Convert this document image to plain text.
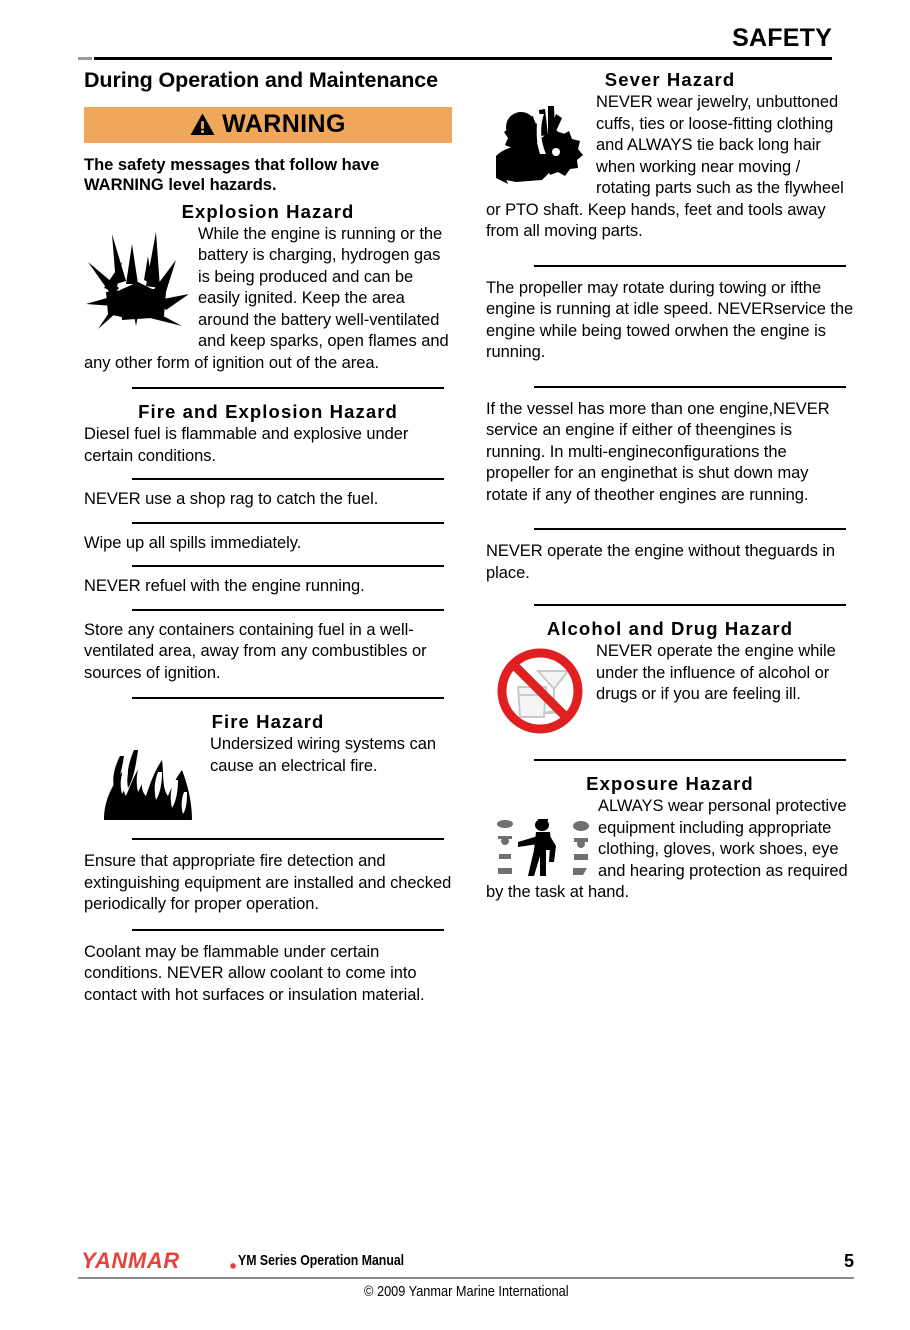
SAFETY
During Operation and Maintenance
WARNING
The safety messages that follow have WARNING level hazards.
Explosion Hazard

While the engine is running or the battery is charging, hydrogen gas is being produced and can be easily ignited. Keep the area around the battery well-ventilated and keep sparks, open flames and any other form of ignition out of the area.

Fire and Explosion Hazard

Diesel fuel is flammable and explosive under certain conditions.

NEVER use a shop rag to catch the fuel.

Wipe up all spills immediately.

NEVER refuel with the engine running.

Store any containers containing fuel in a well-ventilated area, away from any combustibles or sources of ignition.

Fire Hazard

Undersized wiring systems can cause an electrical fire.

Ensure that appropriate fire detection and extinguishing equipment are installed and checked periodically for proper operation.

Coolant may be flammable under certain conditions. NEVER allow coolant to come into contact with hot surfaces or insulation material.

Sever Hazard

NEVER wear jewelry, unbuttoned cuffs, ties or loose-fitting clothing and ALWAYS tie back long hair when working near moving / rotating parts such as the flywheel or PTO shaft. Keep hands, feet and tools away from all moving parts.

The propeller may rotate during towing or ifthe engine is running at idle speed. NEVERservice the engine while being towed orwhen the engine is running.

If the vessel has more than one engine,NEVER service an engine if either of theengines is running. In multi-engineconfigurations the propeller for an enginethat is shut down may rotate if any of theother engines are running.

NEVER operate the engine without theguards in place.

Alcohol and Drug Hazard

NEVER operate the engine while under the influence of alcohol or drugs or if you are feeling ill.

Exposure Hazard

ALWAYS wear personal protective equipment including appropriate clothing, gloves, work shoes, eye and hearing protection as required by the task at hand.

YANMAR	YM Series Operation Manual	5
© 2009 Yanmar Marine International
